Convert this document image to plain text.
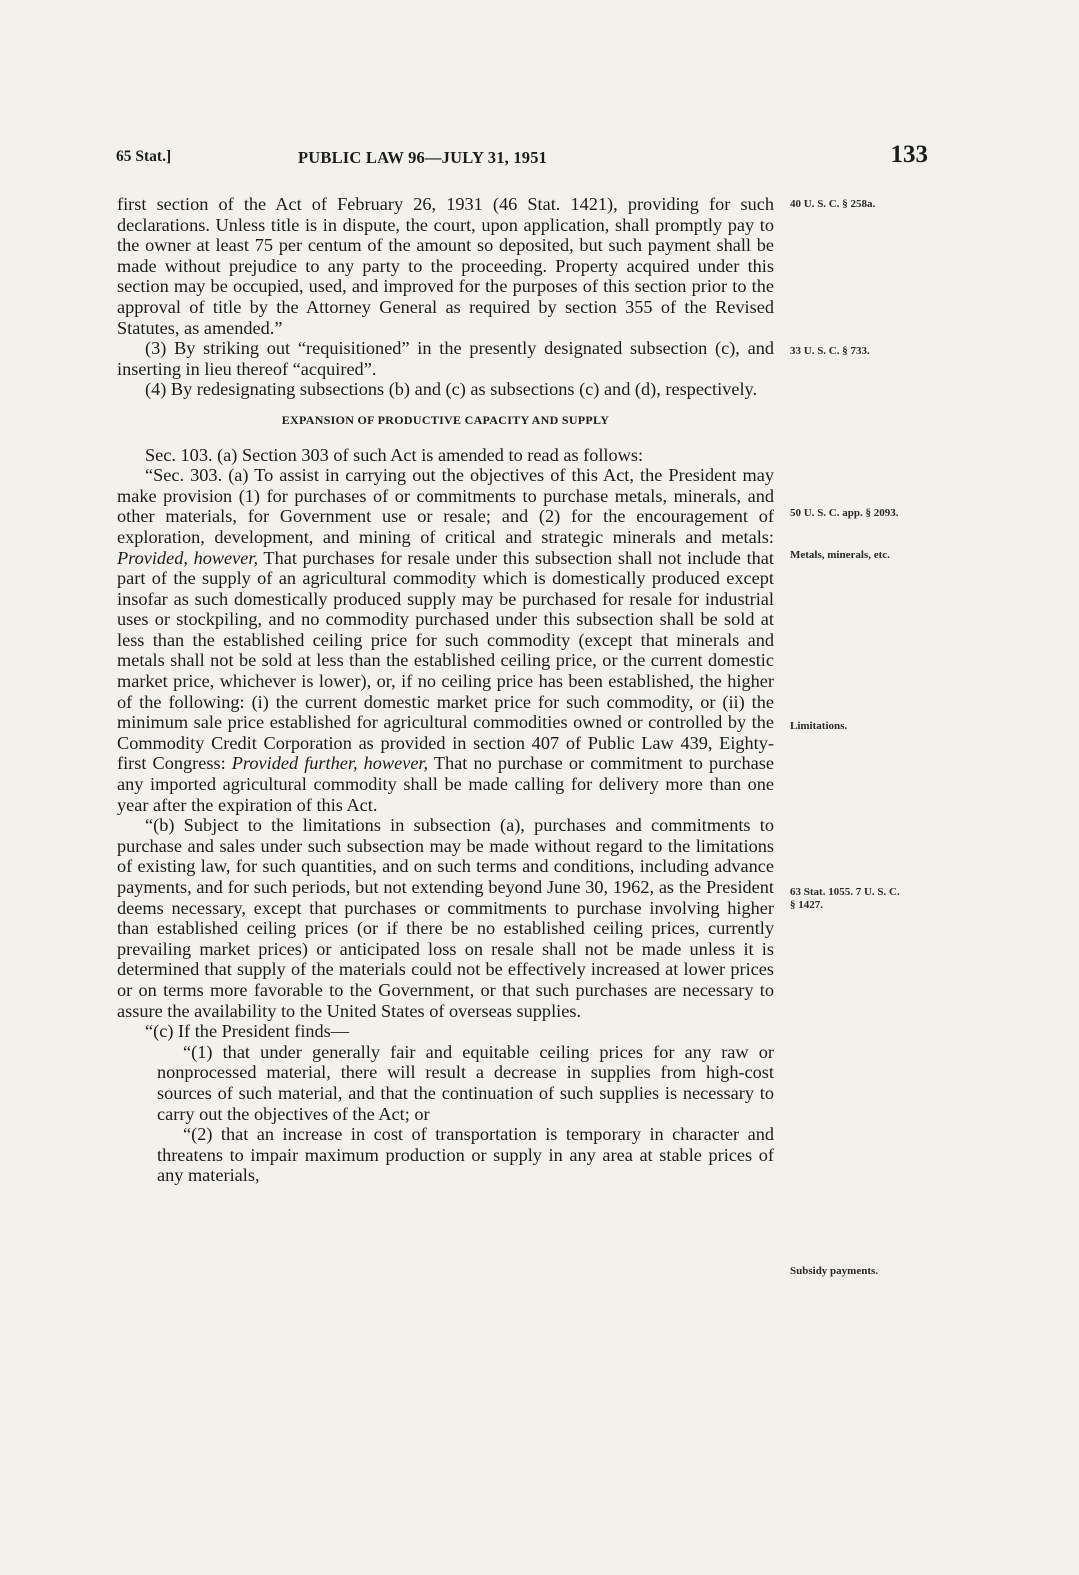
65 Stat.]	PUBLIC LAW 96—JULY 31, 1951	133

first section of the Act of February 26, 1931 (46 Stat. 1421), providing for such declarations. Unless title is in dispute, the court, upon application, shall promptly pay to the owner at least 75 per centum of the amount so deposited, but such payment shall be made without prejudice to any party to the proceeding. Property acquired under this section may be occupied, used, and improved for the purposes of this section prior to the approval of title by the Attorney General as required by section 355 of the Revised Statutes, as amended.”

(3) By striking out “requisitioned” in the presently designated subsection (c), and inserting in lieu thereof “acquired”.

(4) By redesignating subsections (b) and (c) as subsections (c) and (d), respectively.

EXPANSION OF PRODUCTIVE CAPACITY AND SUPPLY

Sec. 103. (a) Section 303 of such Act is amended to read as follows:

“Sec. 303. (a) To assist in carrying out the objectives of this Act, the President may make provision (1) for purchases of or commitments to purchase metals, minerals, and other materials, for Government use or resale; and (2) for the encouragement of exploration, development, and mining of critical and strategic minerals and metals: Provided, however, That purchases for resale under this subsection shall not include that part of the supply of an agricultural commodity which is domestically produced except insofar as such domestically produced supply may be purchased for resale for industrial uses or stockpiling, and no commodity purchased under this subsection shall be sold at less than the established ceiling price for such commodity (except that minerals and metals shall not be sold at less than the established ceiling price, or the current domestic market price, whichever is lower), or, if no ceiling price has been established, the higher of the following: (i) the current domestic market price for such commodity, or (ii) the minimum sale price established for agricultural commodities owned or controlled by the Commodity Credit Corporation as provided in section 407 of Public Law 439, Eighty-first Congress: Provided further, however, That no purchase or commitment to purchase any imported agricultural commodity shall be made calling for delivery more than one year after the expiration of this Act.

“(b) Subject to the limitations in subsection (a), purchases and commitments to purchase and sales under such subsection may be made without regard to the limitations of existing law, for such quantities, and on such terms and conditions, including advance payments, and for such periods, but not extending beyond June 30, 1962, as the President deems necessary, except that purchases or commitments to purchase involving higher than established ceiling prices (or if there be no established ceiling prices, currently prevailing market prices) or anticipated loss on resale shall not be made unless it is determined that supply of the materials could not be effectively increased at lower prices or on terms more favorable to the Government, or that such purchases are necessary to assure the availability to the United States of overseas supplies.

“(c) If the President finds—

“(1) that under generally fair and equitable ceiling prices for any raw or nonprocessed material, there will result a decrease in supplies from high-cost sources of such material, and that the continuation of such supplies is necessary to carry out the objectives of the Act; or

“(2) that an increase in cost of transportation is temporary in character and threatens to impair maximum production or supply in any area at stable prices of any materials,

40 U. S. C. § 258a.
33 U. S. C. § 733.
50 U. S. C. app. § 2093.
Metals, minerals, etc.
Limitations.
63 Stat. 1055. 7 U. S. C. § 1427.
Subsidy payments.
